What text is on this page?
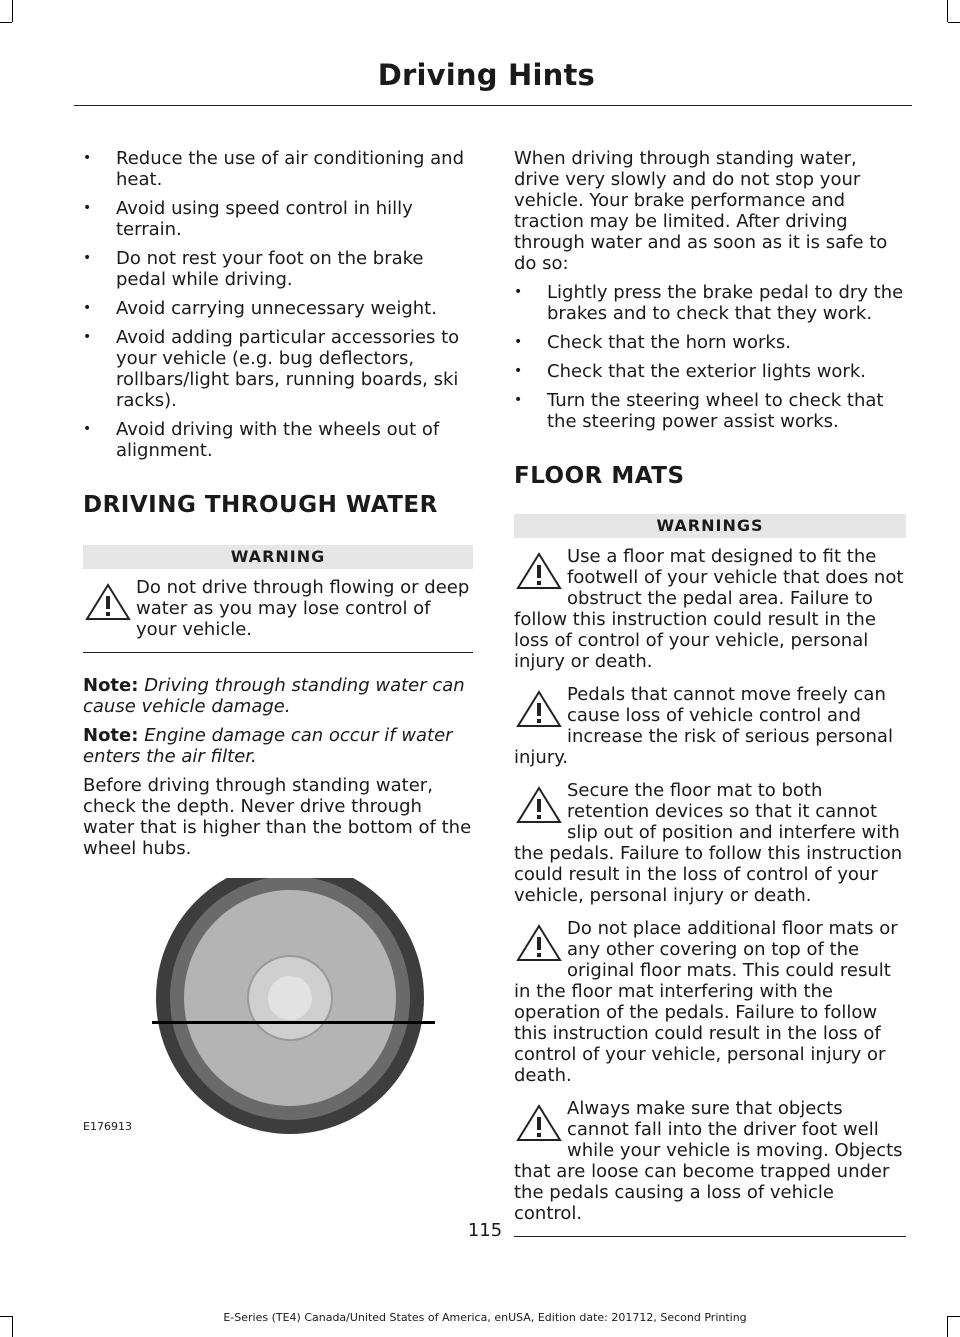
Driving Hints
• Reduce the use of air conditioning and heat.
• Avoid using speed control in hilly terrain.
• Do not rest your foot on the brake pedal while driving.
• Avoid carrying unnecessary weight.
• Avoid adding particular accessories to your vehicle (e.g. bug deflectors, rollbars/light bars, running boards, ski racks).
• Avoid driving with the wheels out of alignment.
DRIVING THROUGH WATER
WARNING
Do not drive through flowing or deep water as you may lose control of your vehicle.

Note: Driving through standing water can cause vehicle damage.

Note: Engine damage can occur if water enters the air filter.

Before driving through standing water, check the depth. Never drive through water that is higher than the bottom of the wheel hubs.

E176913

When driving through standing water, drive very slowly and do not stop your vehicle. Your brake performance and traction may be limited. After driving through water and as soon as it is safe to do so:

• Lightly press the brake pedal to dry the brakes and to check that they work.
• Check that the horn works.
• Check that the exterior lights work.
• Turn the steering wheel to check that the steering power assist works.
FLOOR MATS
WARNINGS
Use a floor mat designed to fit the footwell of your vehicle that does not obstruct the pedal area. Failure to follow this instruction could result in the loss of control of your vehicle, personal injury or death.
Pedals that cannot move freely can cause loss of vehicle control and increase the risk of serious personal injury.
Secure the floor mat to both retention devices so that it cannot slip out of position and interfere with the pedals. Failure to follow this instruction could result in the loss of control of your vehicle, personal injury or death.
Do not place additional floor mats or any other covering on top of the original floor mats. This could result in the floor mat interfering with the operation of the pedals. Failure to follow this instruction could result in the loss of control of your vehicle, personal injury or death.
Always make sure that objects cannot fall into the driver foot well while your vehicle is moving. Objects that are loose can become trapped under the pedals causing a loss of vehicle control.
115
E-Series (TE4) Canada/United States of America, enUSA, Edition date: 201712, Second Printing
